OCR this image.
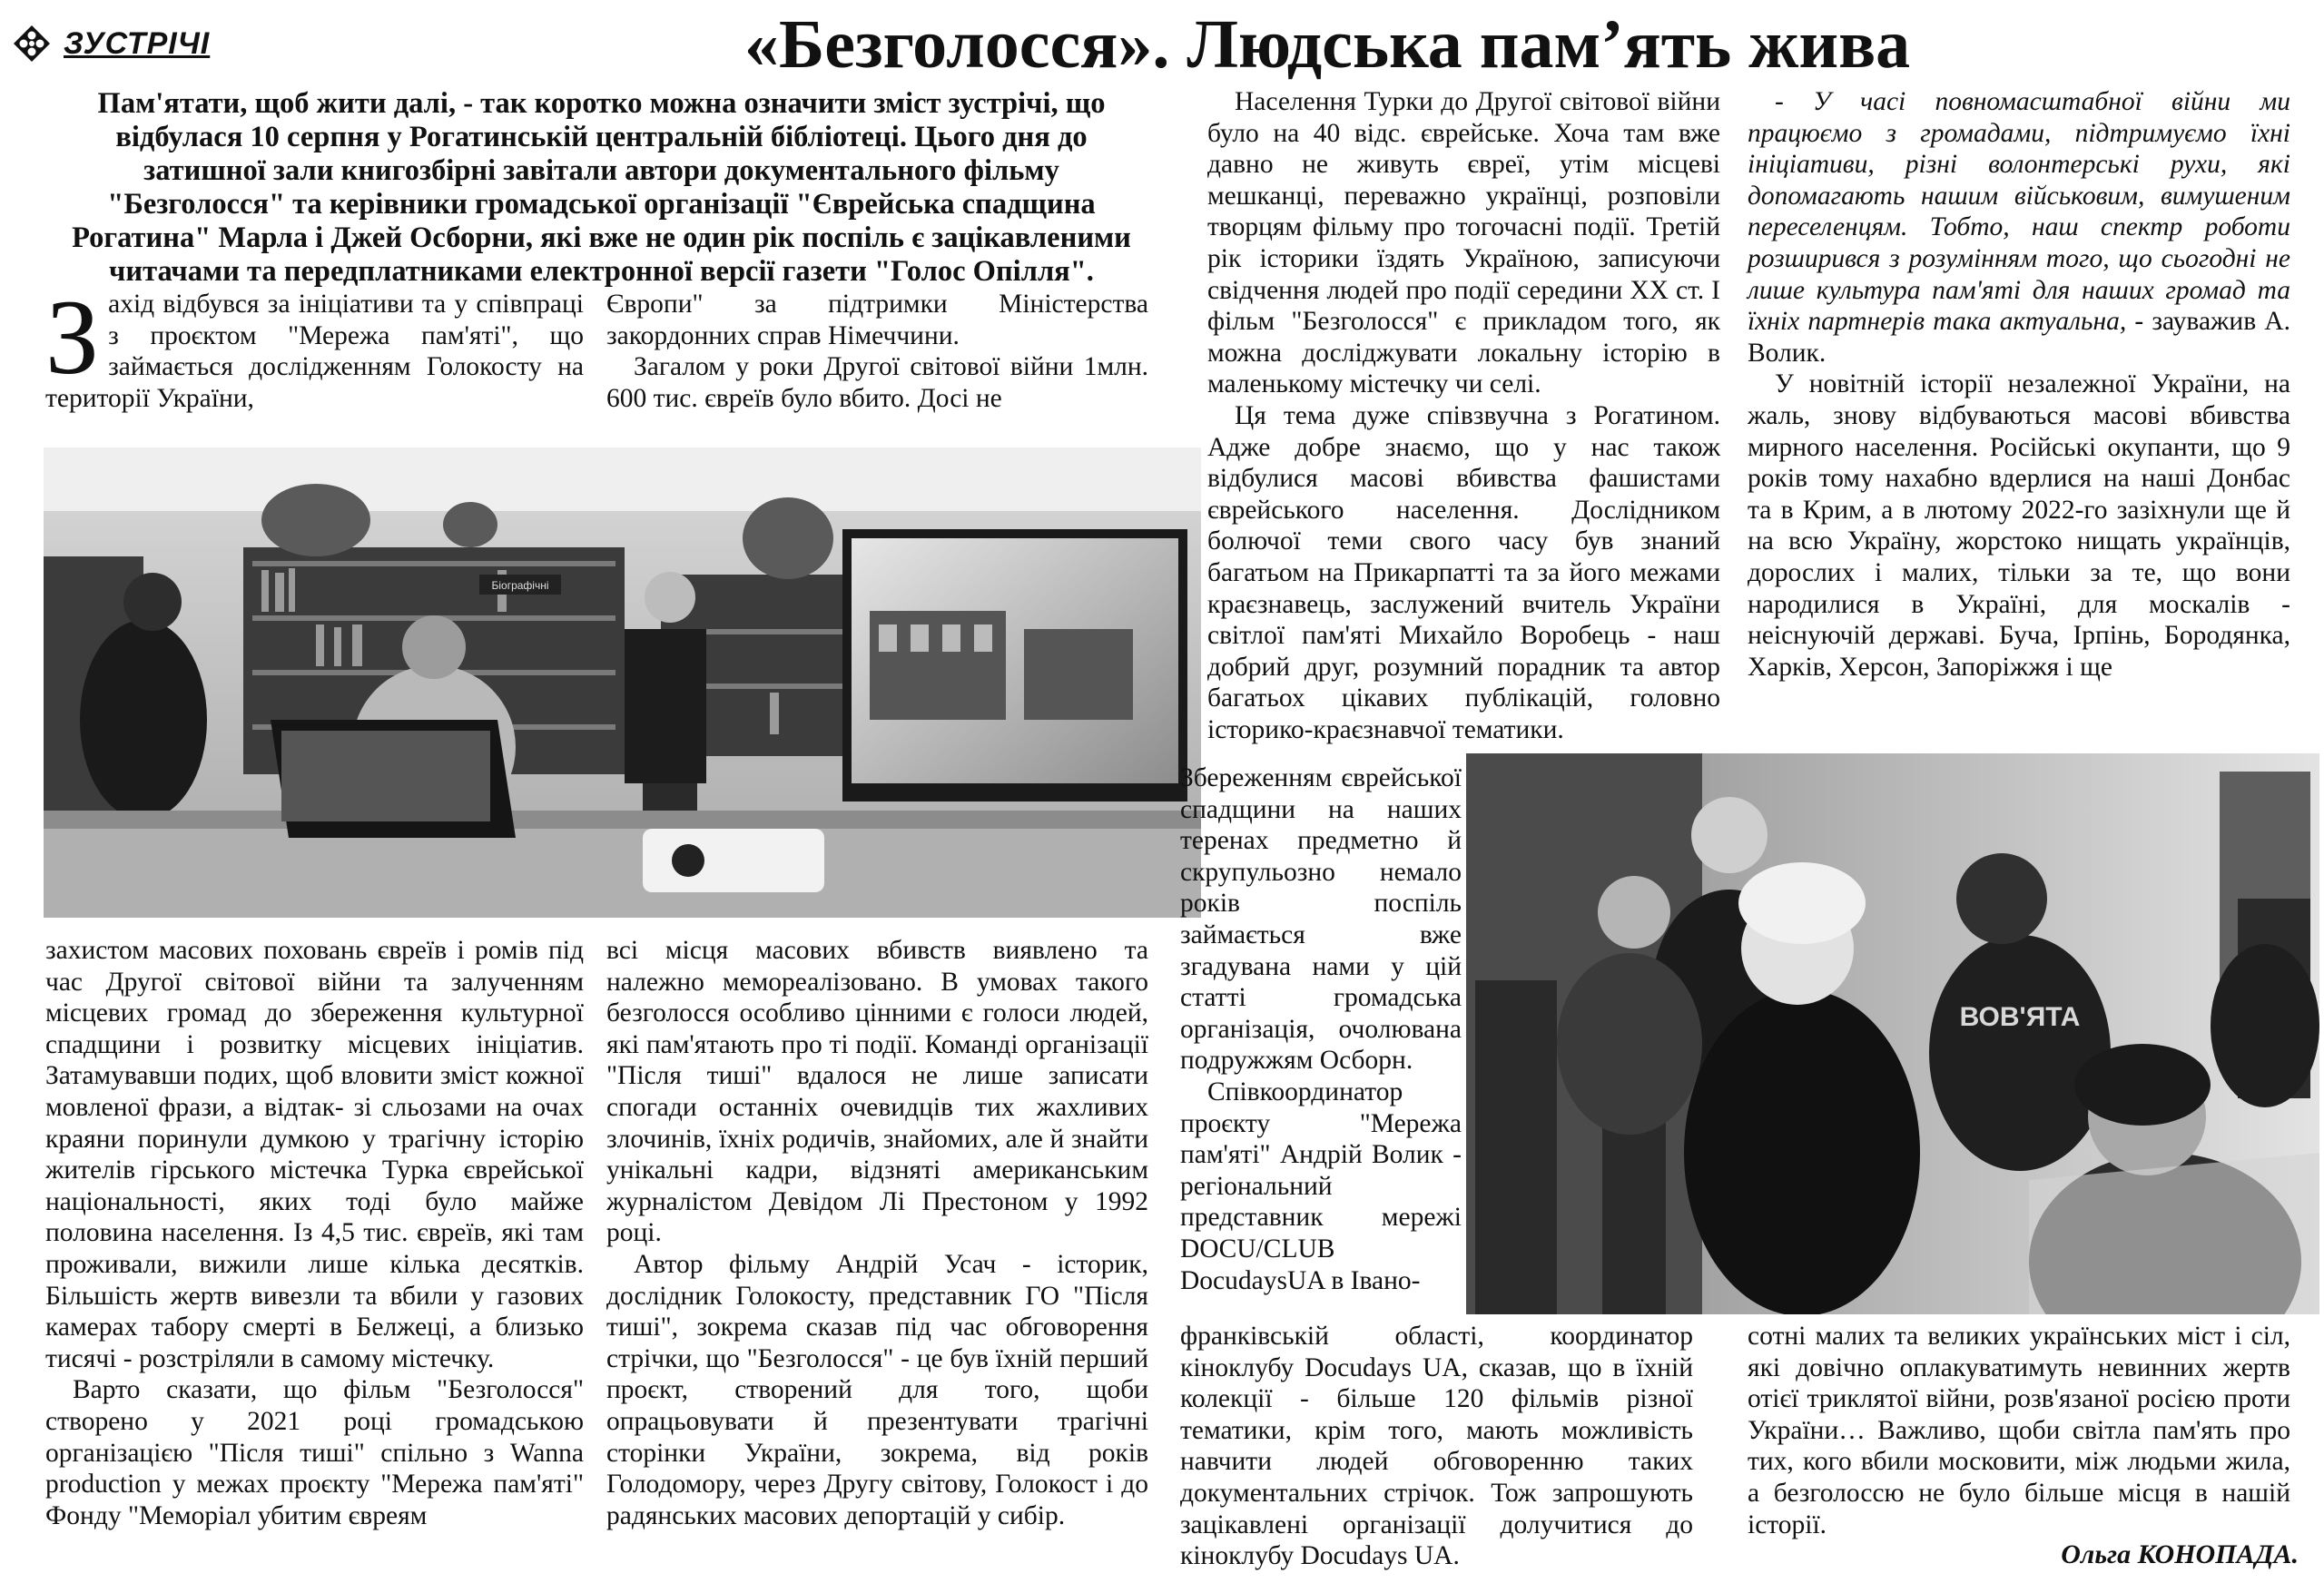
ЗУСТРІЧІ	«Безголосся». Людська пам’ять жива
Пам'ятати, щоб жити далі, - так коротко можна означити зміст зустрічі, що відбулася 10 серпня у Рогатинській центральній бібліотеці. Цього дня до затишної зали книгозбірні завітали автори документального фільму "Безголосся" та керівники громадської організації "Єврейська спадщина Рогатина" Марла і Джей Осборни, які вже не один рік поспіль є зацікавленими читачами та передплатниками електронної версії газети "Голос Опілля".

Захід відбувся за ініціативи та у співпраці з проєктом "Мережа пам'яті", що займається дослідженням Голокосту на території України,

Європи" за підтримки Міністерства закордонних справ Німеччини.

Загалом у роки Другої світової війни 1млн. 600 тис. євреїв було вбито. Досі не

Біографічні

захистом масових поховань євреїв і ромів під час Другої світової війни та залученням місцевих громад до збереження культурної спадщини і розвитку місцевих ініціатив. Затамувавши подих, щоб вловити зміст кожної мовленої фрази, а відтак- зі сльозами на очах краяни поринули думкою у трагічну історію жителів гірського містечка Турка єврейської національності, яких тоді було майже половина населення. Із 4,5 тис. євреїв, які там проживали, вижили лише кілька десятків. Більшість жертв вивезли та вбили у газових камерах табору смерті в Белжеці, а близько тисячі - розстріляли в самому містечку.

Варто сказати, що фільм "Безголосся" створено у 2021 році громадською організацією "Після тиші" спільно з Wanna production у межах проєкту "Мережа пам'яті" Фонду "Меморіал убитим євреям

всі місця масових вбивств виявлено та належно мемореалізовано. В умовах такого безголосся особливо цінними є голоси людей, які пам'ятають про ті події. Команді організації "Після тиші" вдалося не лише записати спогади останніх очевидців тих жахливих злочинів, їхніх родичів, знайомих, але й знайти унікальні кадри, відзняті американським журналістом Девідом Лі Престоном у 1992 році.

Автор фільму Андрій Усач - історик, дослідник Голокосту, представник ГО "Після тиші", зокрема сказав під час обговорення стрічки, що "Безголосся" - це був їхній перший проєкт, створений для того, щоби опрацьовувати й презентувати трагічні сторінки України, зокрема, від років Голодомору, через Другу світову, Голокост і до радянських масових депортацій у сибір.

Населення Турки до Другої світової війни було на 40 відс. єврейське. Хоча там вже давно не живуть євреї, утім місцеві мешканці, переважно українці, розповіли творцям фільму про тогочасні події. Третій рік історики їздять Україною, записуючи свідчення людей про події середини ХХ ст. І фільм "Безголосся" є прикладом того, як можна досліджувати локальну історію в маленькому містечку чи селі.

Ця тема дуже співзвучна з Рогатином. Адже добре знаємо, що у нас також відбулися масові вбивства фашистами єврейського населення. Дослідником болючої теми свого часу був знаний багатьом на Прикарпатті та за його межами краєзнавець, заслужений вчитель України світлої пам'яті Михайло Воробець - наш добрий друг, розумний порадник та автор багатьох цікавих публікацій, головно історико-краєзнавчої тематики.

Збереженням єврейської спадщини на наших теренах предметно й скрупульозно немало років поспіль займається вже згадувана нами у цій статті громадська організація, очолювана подружжям Осборн.

Співкоординатор проєкту "Мережа пам'яті" Андрій Волик - регіональний представник мережі DOCU/CLUB DocudaysUA в Івано-

ВОВ'ЯТА

франківській області, координатор кіноклубу Docudays UA, сказав, що в їхній колекції - більше 120 фільмів різної тематики, крім того, мають можливість навчити людей обговоренню таких документальних стрічок. Тож запрошують зацікавлені організації долучитися до кіноклубу Docudays UA.

- У часі повномасштабної війни ми працюємо з громадами, підтримуємо їхні ініціативи, різні волонтерські рухи, які допомагають нашим військовим, вимушеним переселенцям. Тобто, наш спектр роботи розширився з розумінням того, що сьогодні не лише культура пам'яті для наших громад та їхніх партнерів така актуальна, - зауважив А. Волик.

У новітній історії незалежної України, на жаль, знову відбуваються масові вбивства мирного населення. Російські окупанти, що 9 років тому нахабно вдерлися на наші Донбас та в Крим, а в лютому 2022-го зазіхнули ще й на всю Україну, жорстоко нищать українців, дорослих і малих, тільки за те, що вони народилися в Україні, для москалів - неіснуючій державі. Буча, Ірпінь, Бородянка, Харків, Херсон, Запоріжжя і ще

сотні малих та великих українських міст і сіл, які довічно оплакуватимуть невинних жертв отієї триклятої війни, розв'язаної росією проти України… Важливо, щоби світла пам'ять про тих, кого вбили московити, між людьми жила, а безголоссю не було більше місця в нашій історії.

Ольга КОНОПАДА.
